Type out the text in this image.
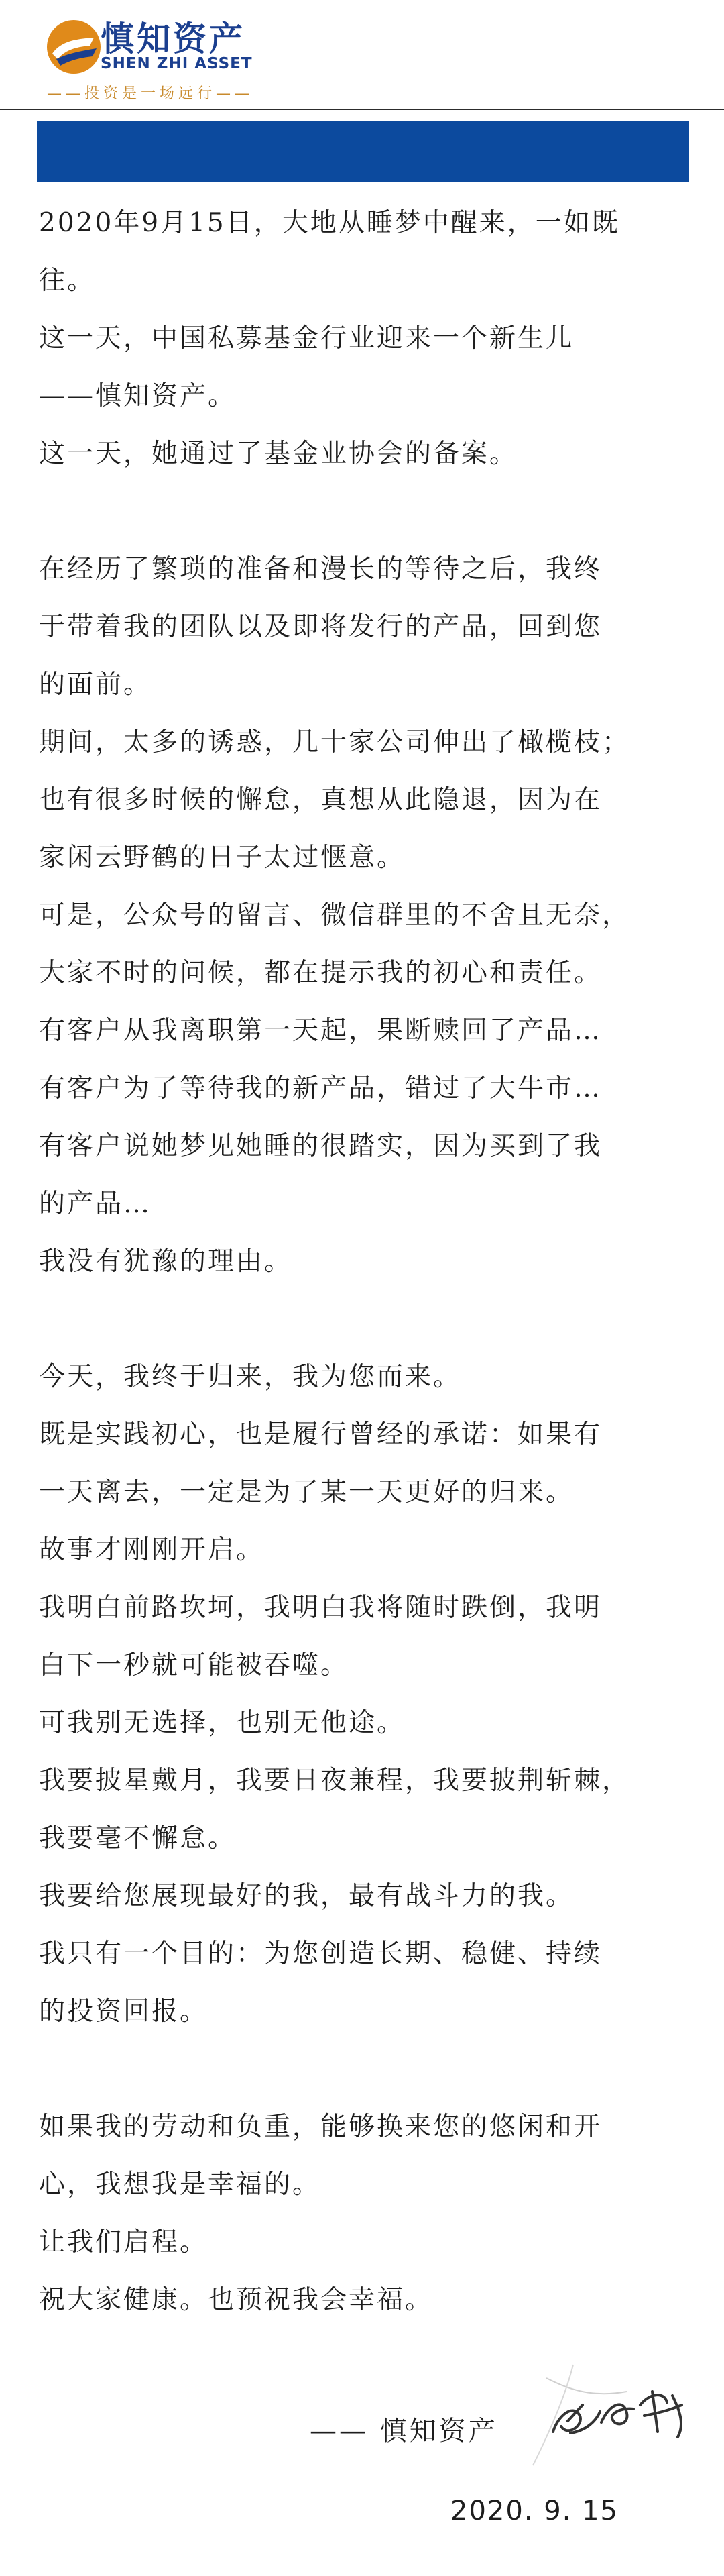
慎知资产
SHEN ZHI ASSET
——投资是一场远行——

2020年9月15日，大地从睡梦中醒来，一如既

往。

这一天，中国私募基金行业迎来一个新生儿

——慎知资产。

这一天，她通过了基金业协会的备案。

在经历了繁琐的准备和漫长的等待之后，我终

于带着我的团队以及即将发行的产品，回到您

的面前。

期间，太多的诱惑，几十家公司伸出了橄榄枝；

也有很多时候的懈怠，真想从此隐退，因为在

家闲云野鹤的日子太过惬意。

可是，公众号的留言、微信群里的不舍且无奈，

大家不时的问候，都在提示我的初心和责任。

有客户从我离职第一天起，果断赎回了产品…

有客户为了等待我的新产品，错过了大牛市…

有客户说她梦见她睡的很踏实，因为买到了我

的产品…

我没有犹豫的理由。

今天，我终于归来，我为您而来。

既是实践初心，也是履行曾经的承诺：如果有

一天离去，一定是为了某一天更好的归来。

故事才刚刚开启。

我明白前路坎坷，我明白我将随时跌倒，我明

白下一秒就可能被吞噬。

可我别无选择，也别无他途。

我要披星戴月，我要日夜兼程，我要披荆斩棘，

我要毫不懈怠。

我要给您展现最好的我，最有战斗力的我。

我只有一个目的：为您创造长期、稳健、持续

的投资回报。

如果我的劳动和负重，能够换来您的悠闲和开

心，我想我是幸福的。

让我们启程。

祝大家健康。也预祝我会幸福。

—— 慎知资产
2020. 9. 15
